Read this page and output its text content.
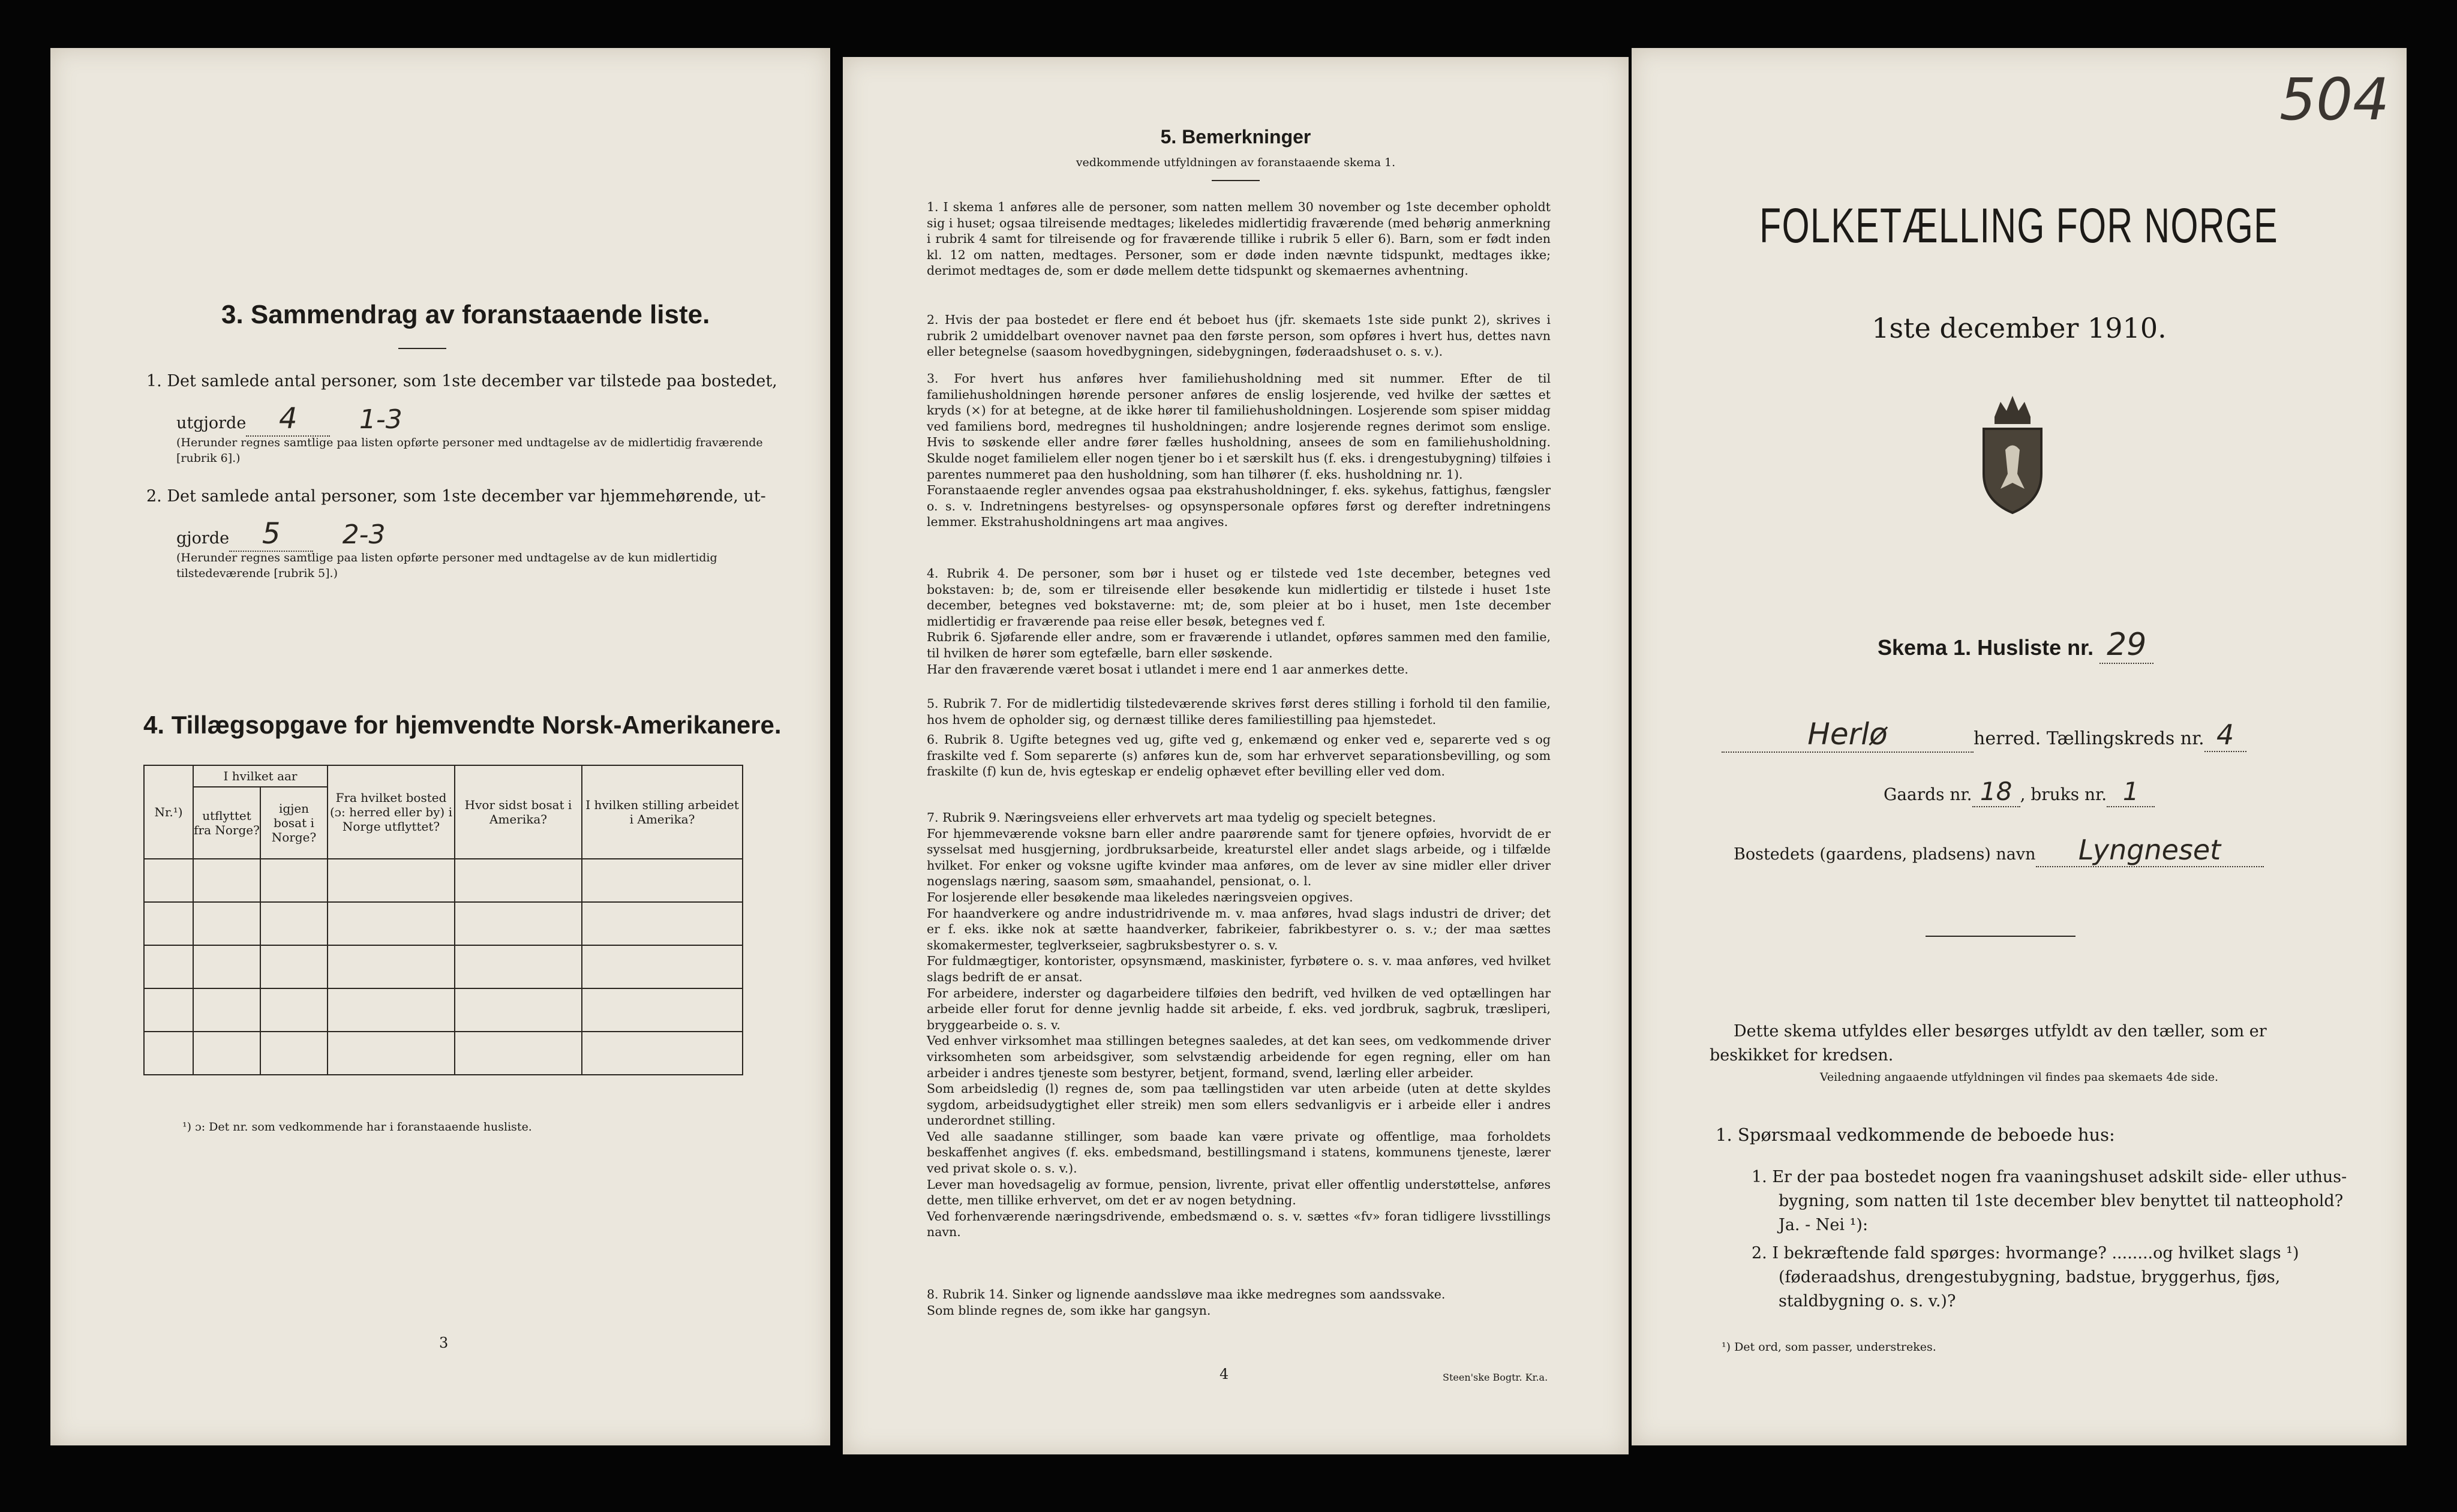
3. Sammendrag av foranstaaende liste.
1. Det samlede antal personer, som 1ste december var tilstede paa bostedet,
utgjorde 4 1-3
(Herunder regnes samtlige paa listen opførte personer med undtagelse av de midlertidig fraværende [rubrik 6].)
2. Det samlede antal personer, som 1ste december var hjemmehørende, ut-
gjorde 5 2-3
(Herunder regnes samtlige paa listen opførte personer med undtagelse av de kun midlertidig tilstedeværende [rubrik 5].)
4. Tillægsopgave for hjemvendte Norsk-Amerikanere.
Nr.¹)	I hvilket aar		Fra hvilket bosted (ɔ: herred eller by) i Norge utflyttet?	Hvor sidst bosat i Amerika?	I hvilken stilling arbeidet i Amerika?
	utflyttet fra Norge?	igjen bosat i Norge?			

¹) ɔ: Det nr. som vedkommende har i foranstaaende husliste.
3
5. Bemerkninger
vedkommende utfyldningen av foranstaaende skema 1.
1. I skema 1 anføres alle de personer, som natten mellem 30 november og 1ste december opholdt sig i huset; ogsaa tilreisende medtages; likeledes midlertidig fraværende (med behørig anmerkning i rubrik 4 samt for tilreisende og for fraværende tillike i rubrik 5 eller 6). Barn, som er født inden kl. 12 om natten, medtages. Personer, som er døde inden nævnte tidspunkt, medtages ikke; derimot medtages de, som er døde mellem dette tidspunkt og skemaernes avhentning.
2. Hvis der paa bostedet er flere end ét beboet hus (jfr. skemaets 1ste side punkt 2), skrives i rubrik 2 umiddelbart ovenover navnet paa den første person, som opføres i hvert hus, dettes navn eller betegnelse (saasom hovedbygningen, sidebygningen, føderaadshuset o. s. v.).
3. For hvert hus anføres hver familiehusholdning med sit nummer. Efter de til familiehusholdningen hørende personer anføres de enslig losjerende, ved hvilke der sættes et kryds (×) for at betegne, at de ikke hører til familiehusholdningen. Losjerende som spiser middag ved familiens bord, medregnes til husholdningen; andre losjerende regnes derimot som enslige. Hvis to søskende eller andre fører fælles husholdning, ansees de som en familiehusholdning. Skulde noget familielem eller nogen tjener bo i et særskilt hus (f. eks. i drengestubygning) tilføies i parentes nummeret paa den husholdning, som han tilhører (f. eks. husholdning nr. 1).
Foranstaaende regler anvendes ogsaa paa ekstrahusholdninger, f. eks. sykehus, fattighus, fængsler o. s. v. Indretningens bestyrelses- og opsynspersonale opføres først og derefter indretningens lemmer. Ekstrahusholdningens art maa angives.
4. Rubrik 4. De personer, som bør i huset og er tilstede ved 1ste december, betegnes ved bokstaven: b; de, som er tilreisende eller besøkende kun midlertidig er tilstede i huset 1ste december, betegnes ved bokstaverne: mt; de, som pleier at bo i huset, men 1ste december midlertidig er fraværende paa reise eller besøk, betegnes ved f.
Rubrik 6. Sjøfarende eller andre, som er fraværende i utlandet, opføres sammen med den familie, til hvilken de hører som egtefælle, barn eller søskende.
Har den fraværende været bosat i utlandet i mere end 1 aar anmerkes dette.
5. Rubrik 7. For de midlertidig tilstedeværende skrives først deres stilling i forhold til den familie, hos hvem de opholder sig, og dernæst tillike deres familiestilling paa hjemstedet.
6. Rubrik 8. Ugifte betegnes ved ug, gifte ved g, enkemænd og enker ved e, separerte ved s og fraskilte ved f. Som separerte (s) anføres kun de, som har erhvervet separationsbevilling, og som fraskilte (f) kun de, hvis egteskap er endelig ophævet efter bevilling eller ved dom.
7. Rubrik 9. Næringsveiens eller erhvervets art maa tydelig og specielt betegnes.
For hjemmeværende voksne barn eller andre paarørende samt for tjenere opføies, hvorvidt de er sysselsat med husgjerning, jordbruksarbeide, kreaturstel eller andet slags arbeide, og i tilfælde hvilket. For enker og voksne ugifte kvinder maa anføres, om de lever av sine midler eller driver nogenslags næring, saasom søm, smaahandel, pensionat, o. l.
For losjerende eller besøkende maa likeledes næringsveien opgives.
For haandverkere og andre industridrivende m. v. maa anføres, hvad slags industri de driver; det er f. eks. ikke nok at sætte haandverker, fabrikeier, fabrikbestyrer o. s. v.; der maa sættes skomakermester, teglverkseier, sagbruksbestyrer o. s. v.
For fuldmægtiger, kontorister, opsynsmænd, maskinister, fyrbøtere o. s. v. maa anføres, ved hvilket slags bedrift de er ansat.
For arbeidere, inderster og dagarbeidere tilføies den bedrift, ved hvilken de ved optællingen har arbeide eller forut for denne jevnlig hadde sit arbeide, f. eks. ved jordbruk, sagbruk, træsliperi, bryggearbeide o. s. v.
Ved enhver virksomhet maa stillingen betegnes saaledes, at det kan sees, om vedkommende driver virksomheten som arbeidsgiver, som selvstændig arbeidende for egen regning, eller om han arbeider i andres tjeneste som bestyrer, betjent, formand, svend, lærling eller arbeider.
Som arbeidsledig (l) regnes de, som paa tællingstiden var uten arbeide (uten at dette skyldes sygdom, arbeidsudygtighet eller streik) men som ellers sedvanligvis er i arbeide eller i andres underordnet stilling.
Ved alle saadanne stillinger, som baade kan være private og offentlige, maa forholdets beskaffenhet angives (f. eks. embedsmand, bestillingsmand i statens, kommunens tjeneste, lærer ved privat skole o. s. v.).
Lever man hovedsagelig av formue, pension, livrente, privat eller offentlig understøttelse, anføres dette, men tillike erhvervet, om det er av nogen betydning.
Ved forhenværende næringsdrivende, embedsmænd o. s. v. sættes «fv» foran tidligere livsstillings navn.
8. Rubrik 14. Sinker og lignende aandssløve maa ikke medregnes som aandssvake.
Som blinde regnes de, som ikke har gangsyn.
4	Steen'ske Bogtr. Kr.a.
504
FOLKETÆLLING FOR NORGE
1ste december 1910.
Skema 1. Husliste nr. 29
Herlø	herred. Tællingskreds nr. 4
Gaards nr. 18 , bruks nr. 1
Bostedets (gaardens, pladsens) navn Lyngneset
Dette skema utfyldes eller besørges utfyldt av den tæller, som er beskikket for kredsen.
Veiledning angaaende utfyldningen vil findes paa skemaets 4de side.
1. Spørsmaal vedkommende de beboede hus:
1. Er der paa bostedet nogen fra vaaningshuset adskilt side- eller uthus-bygning, som natten til 1ste december blev benyttet til natteophold? Ja. - Nei ¹):
2. I bekræftende fald spørges: hvormange? ........og hvilket slags ¹) (føderaadshus, drengestubygning, badstue, bryggerhus, fjøs, staldbygning o. s. v.)?
¹) Det ord, som passer, understrekes.
